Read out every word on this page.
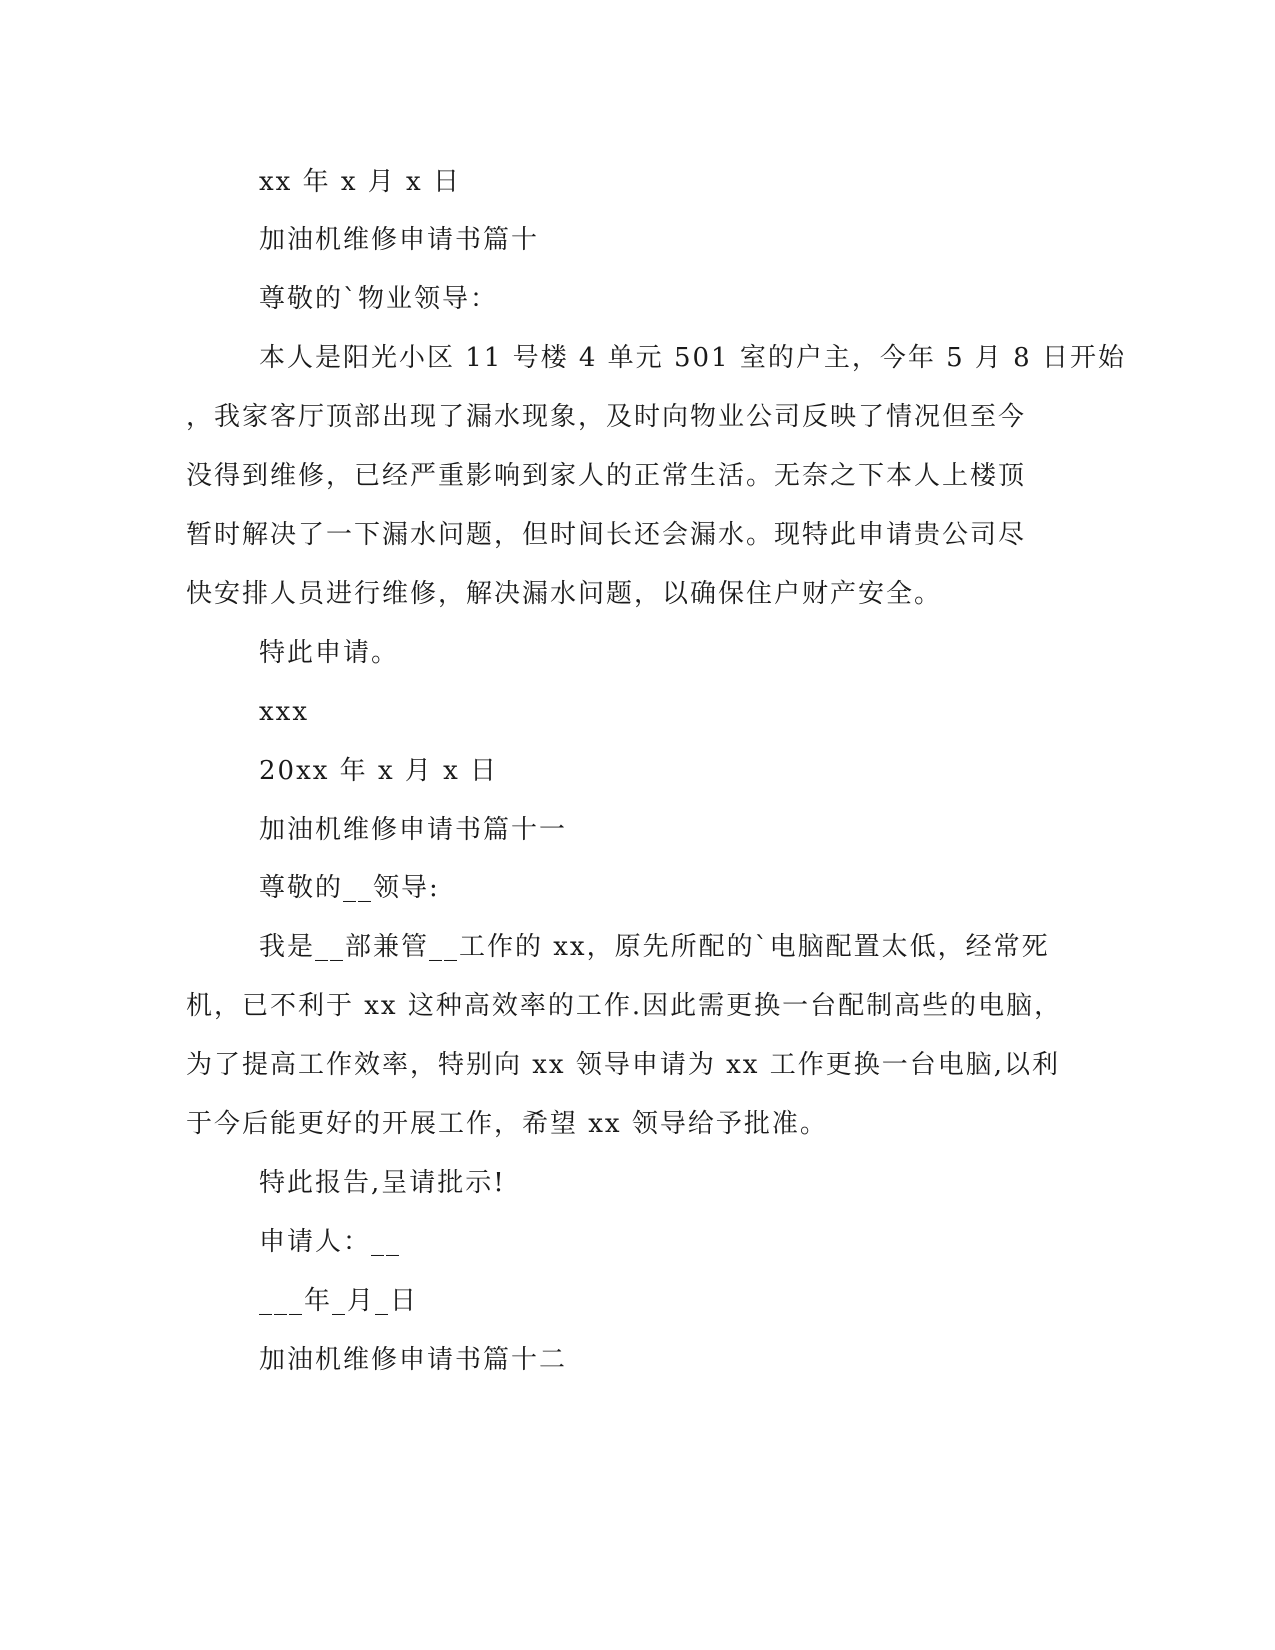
xx 年 x 月 x 日
加油机维修申请书篇十
尊敬的`物业领导：
本人是阳光小区 11 号楼 4 单元 501 室的户主，今年 5 月 8 日开始
，我家客厅顶部出现了漏水现象，及时向物业公司反映了情况但至今
没得到维修，已经严重影响到家人的正常生活。无奈之下本人上楼顶
暂时解决了一下漏水问题，但时间长还会漏水。现特此申请贵公司尽
快安排人员进行维修，解决漏水问题，以确保住户财产安全。
特此申请。
xxx
20xx 年 x 月 x 日
加油机维修申请书篇十一
尊敬的__领导:
我是__部兼管__工作的 xx，原先所配的`电脑配置太低，经常死
机，已不利于 xx 这种高效率的工作.因此需更换一台配制高些的电脑，
为了提高工作效率，特别向 xx 领导申请为 xx 工作更换一台电脑,以利
于今后能更好的开展工作，希望 xx 领导给予批准。
特此报告,呈请批示!
申请人：__
___年_月_日
加油机维修申请书篇十二
